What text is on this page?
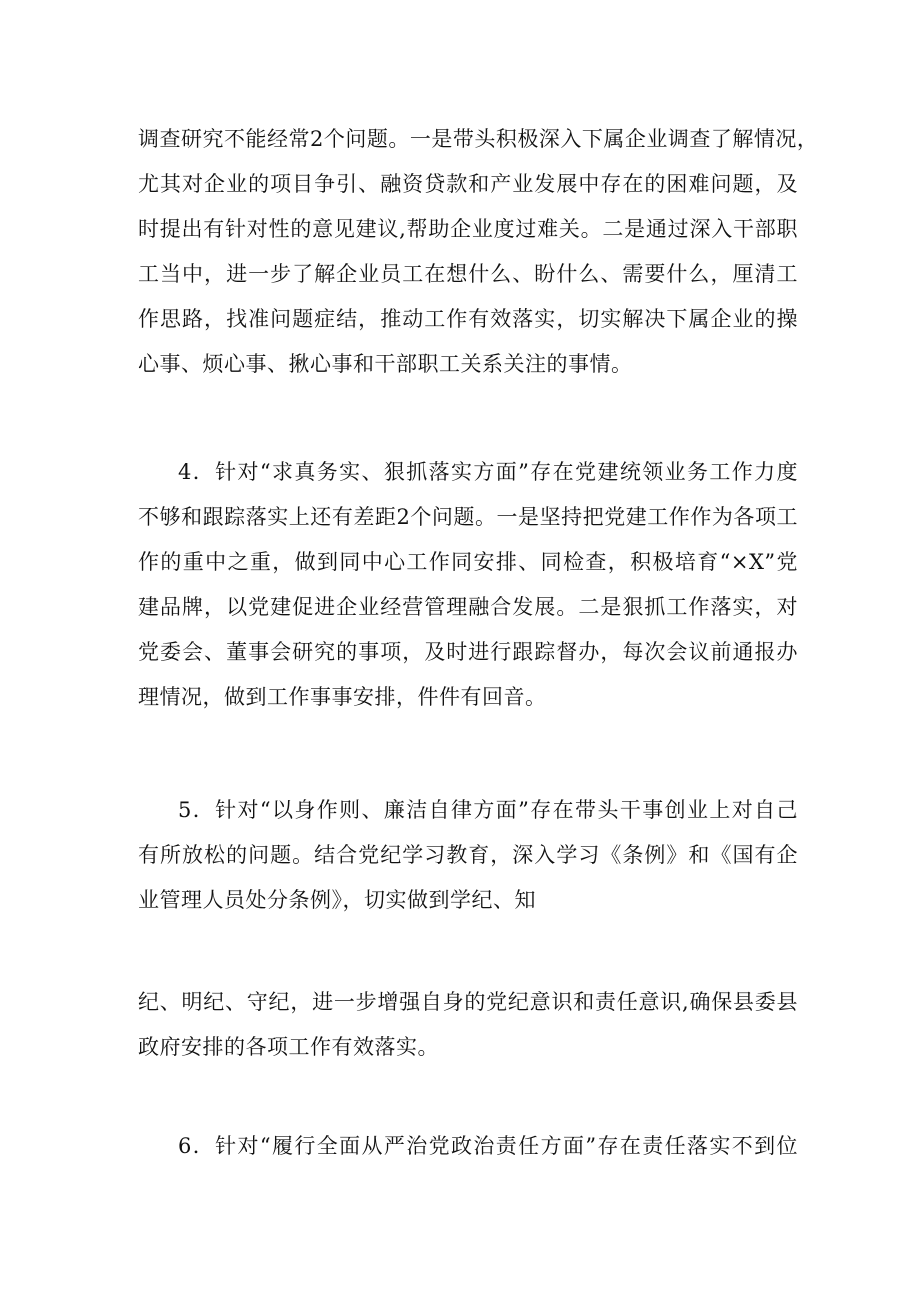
调查研究不能经常2个问题。一是带头积极深入下属企业调查了解情况，
尤其对企业的项目争引、融资贷款和产业发展中存在的困难问题，及
时提出有针对性的意见建议,帮助企业度过难关。二是通过深入干部职
工当中，进一步了解企业员工在想什么、盼什么、需要什么，厘清工
作思路，找准问题症结，推动工作有效落实，切实解决下属企业的操
心事、烦心事、揪心事和干部职工关系关注的事情。
4．针对“求真务实、狠抓落实方面”存在党建统领业务工作力度
不够和跟踪落实上还有差距2个问题。一是坚持把党建工作作为各项工
作的重中之重，做到同中心工作同安排、同检查，积极培育“×X”党
建品牌，以党建促进企业经营管理融合发展。二是狠抓工作落实，对
党委会、董事会研究的事项，及时进行跟踪督办，每次会议前通报办
理情况，做到工作事事安排，件件有回音。
5．针对“以身作则、廉洁自律方面”存在带头干事创业上对自己
有所放松的问题。结合党纪学习教育，深入学习《条例》和《国有企
业管理人员处分条例》，切实做到学纪、知
纪、明纪、守纪，进一步增强自身的党纪意识和责任意识,确保县委县
政府安排的各项工作有效落实。
6．针对“履行全面从严治党政治责任方面”存在责任落实不到位
